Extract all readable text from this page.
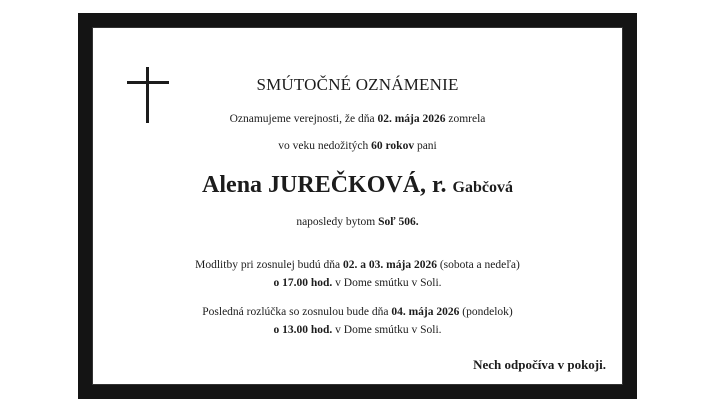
SMÚTOČNÉ OZNÁMENIE
Oznamujeme verejnosti, že dňa 02. mája 2026 zomrela
vo veku nedožitých 60 rokov pani
Alena JUREČKOVÁ, r. Gabčová
naposledy bytom Soľ 506.
Modlitby pri zosnulej budú dňa 02. a 03. mája 2026 (sobota a nedeľa)
o 17.00 hod. v Dome smútku v Soli.
Posledná rozlúčka so zosnulou bude dňa 04. mája 2026 (pondelok)
o 13.00 hod. v Dome smútku v Soli.
Nech odpočíva v pokoji.
